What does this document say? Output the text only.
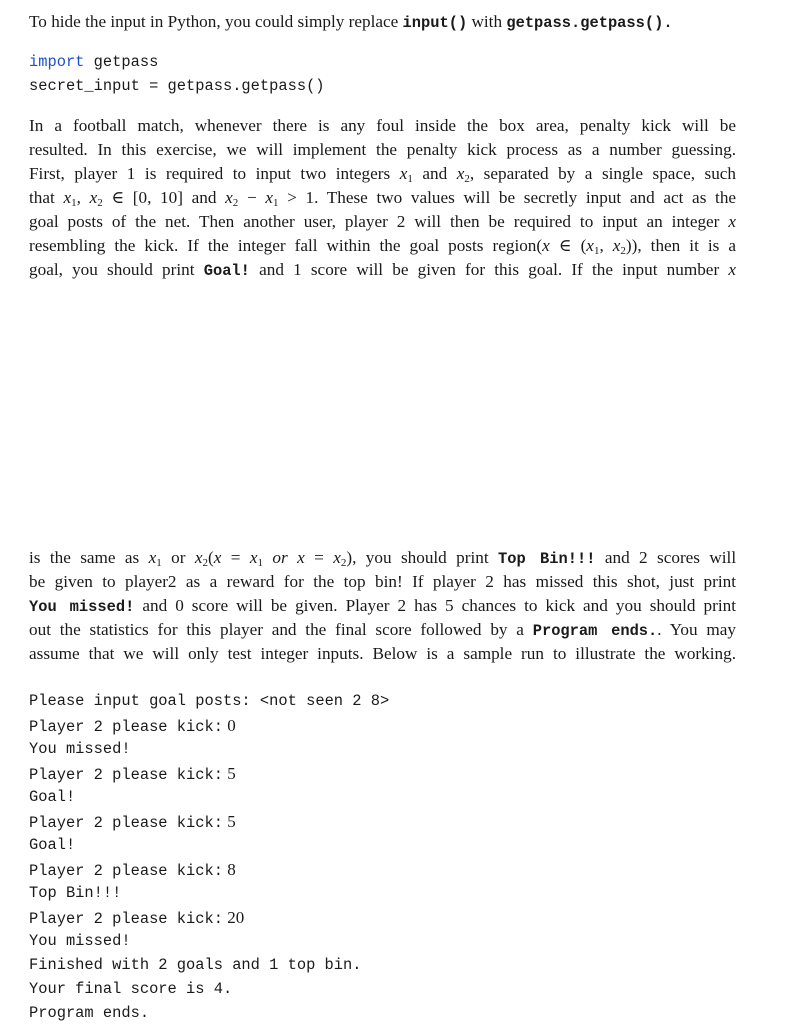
To hide the input in Python, you could simply replace input() with getpass.getpass().
import getpass
secret_input = getpass.getpass()
In a football match, whenever there is any foul inside the box area, penalty kick will be
resulted. In this exercise, we will implement the penalty kick process as a number guessing.
First, player 1 is required to input two integers $x_1$ and $x_2$, separated by a single space, such
that $x_1$, $x_2$ ∈ [0, 10] and $x_2 - x_1 > 1$. These two values will be secretly input and act as the
goal posts of the net. Then another user, player 2 will then be required to input an integer x
resembling the kick. If the integer fall within the goal posts region(x ∈ ($x_1$, $x_2$)), then it is a
goal, you should print Goal! and 1 score will be given for this goal. If the input number x
is the same as $x_1$ or $x_2(x = x_1$ or $x = x_2$), you should print Top Bin!!! and 2 scores will
be given to player2 as a reward for the top bin! If player 2 has missed this shot, just print
You missed! and 0 score will be given. Player 2 has 5 chances to kick and you should print
out the statistics for this player and the final score followed by a Program ends.. You may
assume that we will only test integer inputs. Below is a sample run to illustrate the working.
Please input goal posts: <not seen 2 8>
Player 2 please kick: 0
You missed!
Player 2 please kick: 5
Goal!
Player 2 please kick: 5
Goal!
Player 2 please kick: 8
Top Bin!!!
Player 2 please kick: 20
You missed!
Finished with 2 goals and 1 top bin.
Your final score is 4.
Program ends.
